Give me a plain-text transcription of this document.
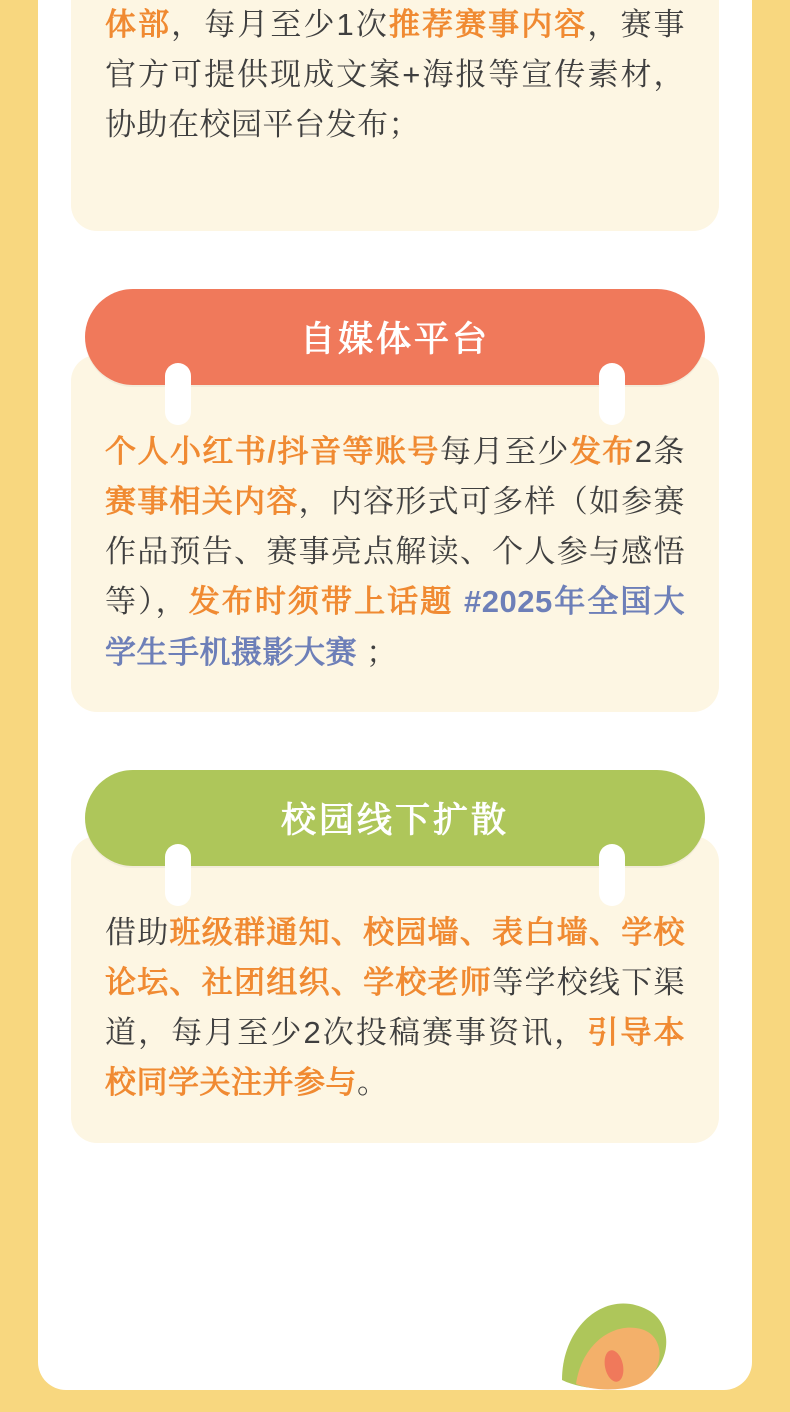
体部，每月至少1次推荐赛事内容，赛事官方可提供现成文案+海报等宣传素材，协助在校园平台发布；
自媒体平台
个人小红书/抖音等账号每月至少发布2条赛事相关内容，内容形式可多样（如参赛作品预告、赛事亮点解读、个人参与感悟等），发布时须带上话题 #2025年全国大学生手机摄影大赛 ；
校园线下扩散
借助班级群通知、校园墙、表白墙、学校论坛、社团组织、学校老师等学校线下渠道，每月至少2次投稿赛事资讯，引导本校同学关注并参与。
